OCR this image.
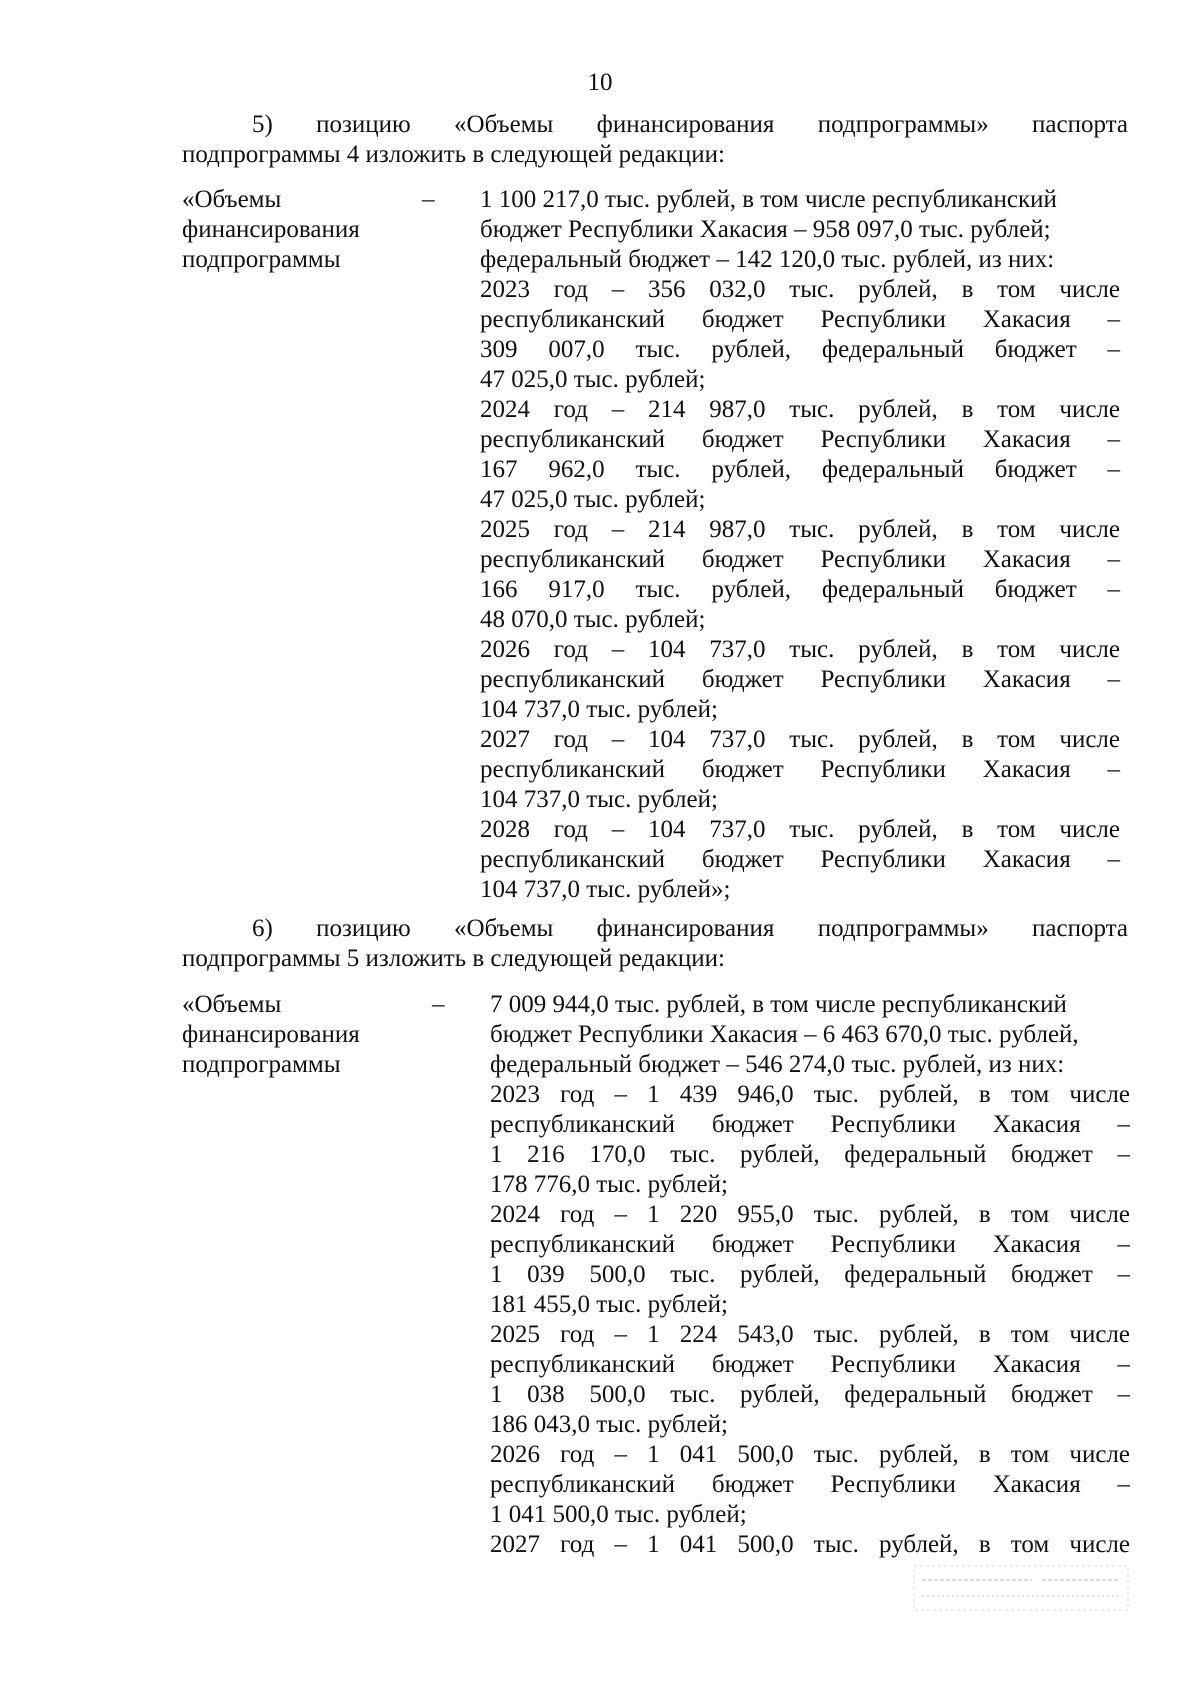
10
5) позицию «Объемы финансирования подпрограммы» паспорта
подпрограммы 4 изложить в следующей редакции:
«Объемы
финансирования
подпрограммы
– 1 100 217,0 тыс. рублей, в том числе республиканский
бюджет Республики Хакасия – 958 097,0 тыс. рублей;
федеральный бюджет – 142 120,0 тыс. рублей, из них:
2023 год – 356 032,0 тыс. рублей, в том числе
республиканский бюджет Республики Хакасия –
309 007,0 тыс. рублей, федеральный бюджет –
47 025,0 тыс. рублей;
2024 год – 214 987,0 тыс. рублей, в том числе
республиканский бюджет Республики Хакасия –
167 962,0 тыс. рублей, федеральный бюджет –
47 025,0 тыс. рублей;
2025 год – 214 987,0 тыс. рублей, в том числе
республиканский бюджет Республики Хакасия –
166 917,0 тыс. рублей, федеральный бюджет –
48 070,0 тыс. рублей;
2026 год – 104 737,0 тыс. рублей, в том числе
республиканский бюджет Республики Хакасия –
104 737,0 тыс. рублей;
2027 год – 104 737,0 тыс. рублей, в том числе
республиканский бюджет Республики Хакасия –
104 737,0 тыс. рублей;
2028 год – 104 737,0 тыс. рублей, в том числе
республиканский бюджет Республики Хакасия –
104 737,0 тыс. рублей»;
6) позицию «Объемы финансирования подпрограммы» паспорта
подпрограммы 5 изложить в следующей редакции:
«Объемы
финансирования
подпрограммы
– 7 009 944,0 тыс. рублей, в том числе республиканский
бюджет Республики Хакасия – 6 463 670,0 тыс. рублей,
федеральный бюджет – 546 274,0 тыс. рублей, из них:
2023 год – 1 439 946,0 тыс. рублей, в том числе
республиканский бюджет Республики Хакасия –
1 216 170,0 тыс. рублей, федеральный бюджет –
178 776,0 тыс. рублей;
2024 год – 1 220 955,0 тыс. рублей, в том числе
республиканский бюджет Республики Хакасия –
1 039 500,0 тыс. рублей, федеральный бюджет –
181 455,0 тыс. рублей;
2025 год – 1 224 543,0 тыс. рублей, в том числе
республиканский бюджет Республики Хакасия –
1 038 500,0 тыс. рублей, федеральный бюджет –
186 043,0 тыс. рублей;
2026 год – 1 041 500,0 тыс. рублей, в том числе
республиканский бюджет Республики Хакасия –
1 041 500,0 тыс. рублей;
2027 год – 1 041 500,0 тыс. рублей, в том числе
